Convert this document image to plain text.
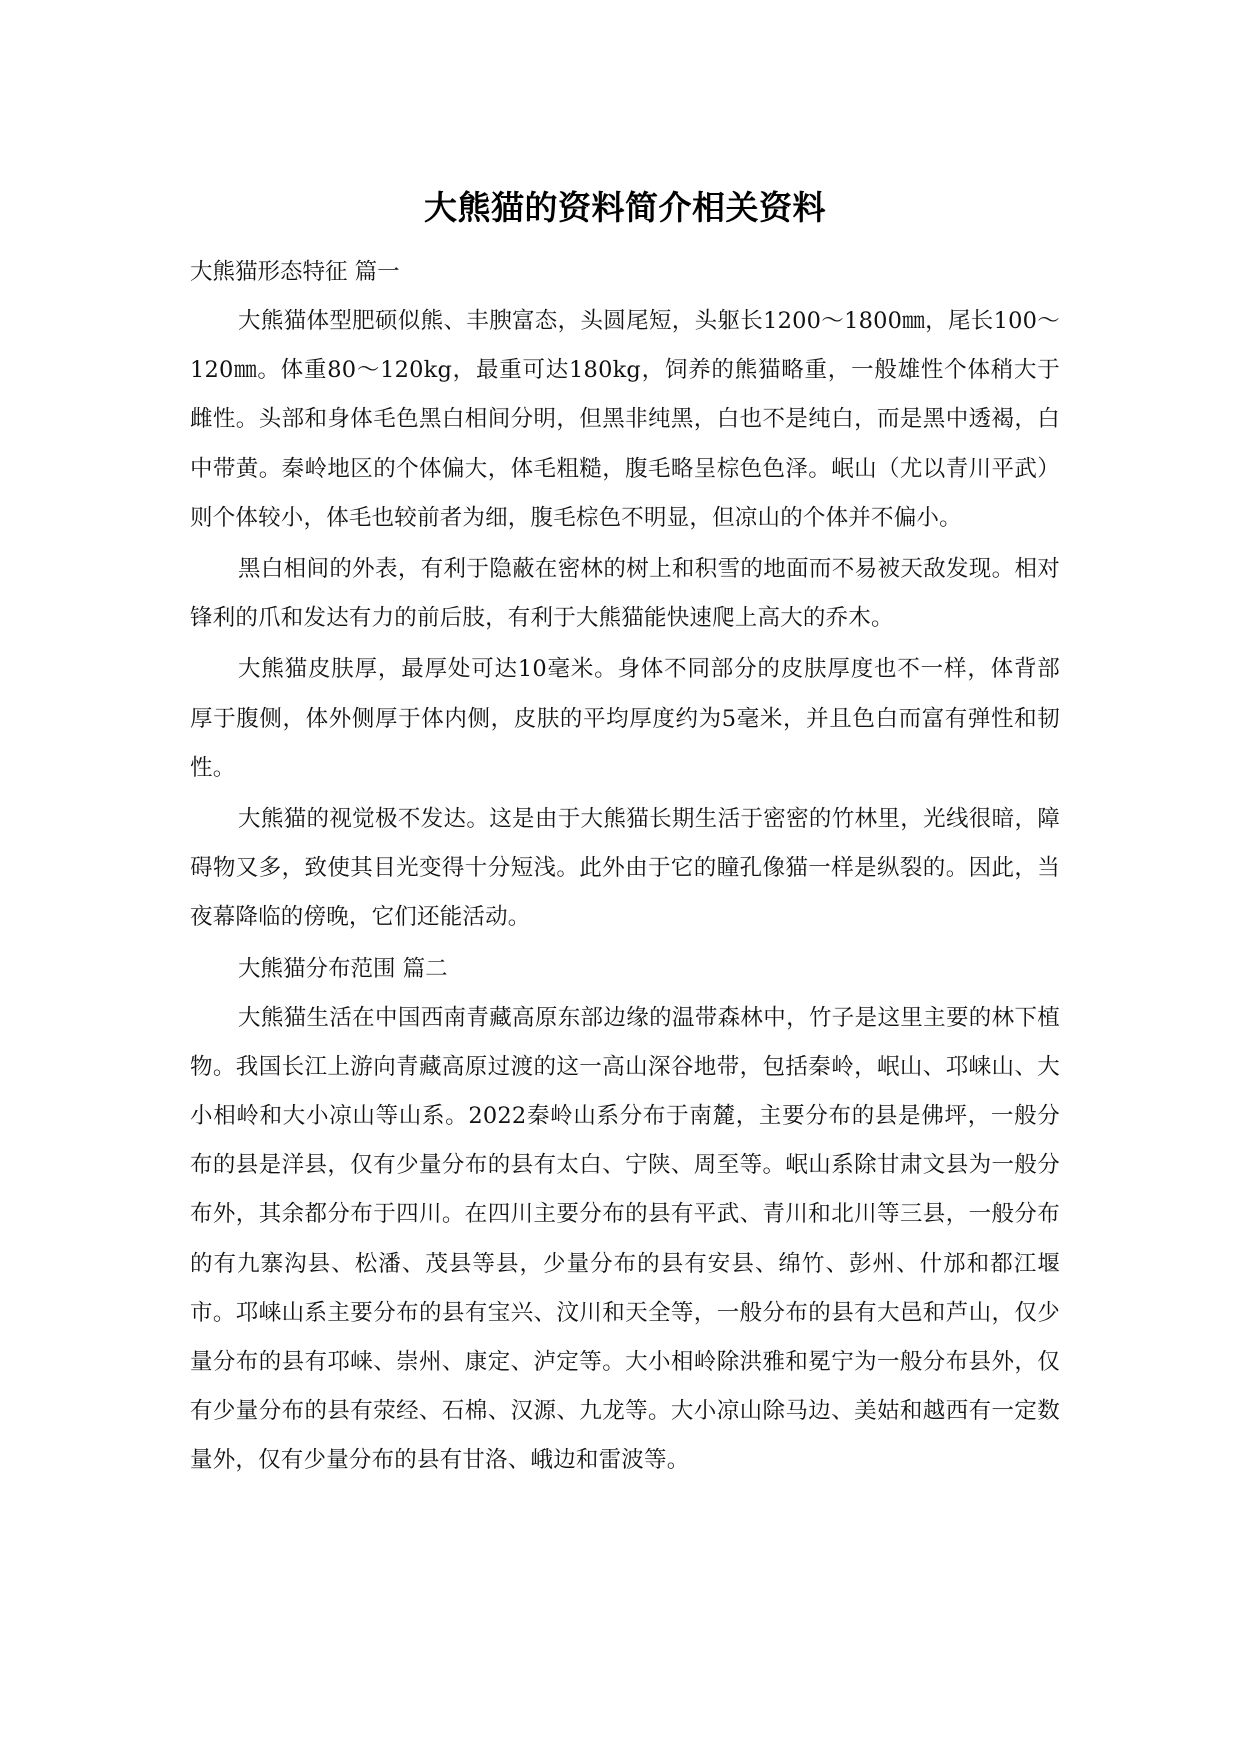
大熊猫的资料简介相关资料

大熊猫形态特征 篇一

大熊猫体型肥硕似熊、丰腴富态，头圆尾短，头躯长1200～1800㎜，尾长100～120㎜。体重80～120kg，最重可达180kg，饲养的熊猫略重，一般雄性个体稍大于雌性。头部和身体毛色黑白相间分明，但黑非纯黑，白也不是纯白，而是黑中透褐，白中带黄。秦岭地区的个体偏大，体毛粗糙，腹毛略呈棕色色泽。岷山（尤以青川平武）则个体较小，体毛也较前者为细，腹毛棕色不明显，但凉山的个体并不偏小。

黑白相间的外表，有利于隐蔽在密林的树上和积雪的地面而不易被天敌发现。相对锋利的爪和发达有力的前后肢，有利于大熊猫能快速爬上高大的乔木。

大熊猫皮肤厚，最厚处可达10毫米。身体不同部分的皮肤厚度也不一样，体背部厚于腹侧，体外侧厚于体内侧，皮肤的平均厚度约为5毫米，并且色白而富有弹性和韧性。

大熊猫的视觉极不发达。这是由于大熊猫长期生活于密密的竹林里，光线很暗，障碍物又多，致使其目光变得十分短浅。此外由于它的瞳孔像猫一样是纵裂的。因此，当夜幕降临的傍晚，它们还能活动。

大熊猫分布范围 篇二

大熊猫生活在中国西南青藏高原东部边缘的温带森林中，竹子是这里主要的林下植物。我国长江上游向青藏高原过渡的这一高山深谷地带，包括秦岭，岷山、邛崃山、大小相岭和大小凉山等山系。2022秦岭山系分布于南麓，主要分布的县是佛坪，一般分布的县是洋县，仅有少量分布的县有太白、宁陕、周至等。岷山系除甘肃文县为一般分布外，其余都分布于四川。在四川主要分布的县有平武、青川和北川等三县，一般分布的有九寨沟县、松潘、茂县等县，少量分布的县有安县、绵竹、彭州、什邡和都江堰市。邛崃山系主要分布的县有宝兴、汶川和天全等，一般分布的县有大邑和芦山，仅少量分布的县有邛崃、崇州、康定、泸定等。大小相岭除洪雅和冕宁为一般分布县外，仅有少量分布的县有荥经、石棉、汉源、九龙等。大小凉山除马边、美姑和越西有一定数量外，仅有少量分布的县有甘洛、峨边和雷波等。
